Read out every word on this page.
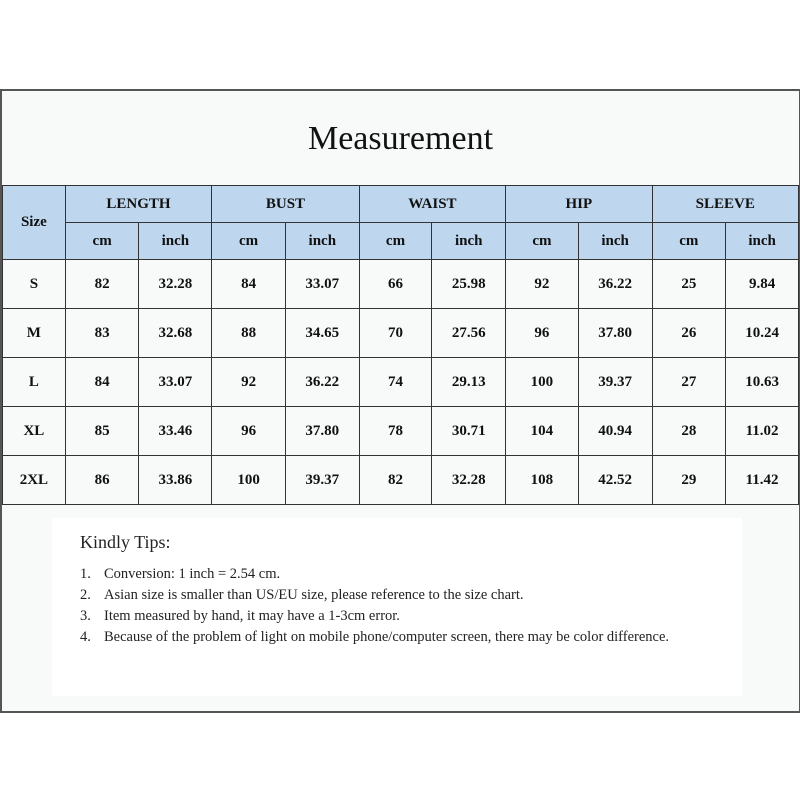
Measurement
Size	LENGTH		BUST		WAIST		HIP		SLEEVE	
	cm	inch	cm	inch	cm	inch	cm	inch	cm	inch
S	82	32.28	84	33.07	66	25.98	92	36.22	25	9.84
M	83	32.68	88	34.65	70	27.56	96	37.80	26	10.24
L	84	33.07	92	36.22	74	29.13	100	39.37	27	10.63
XL	85	33.46	96	37.80	78	30.71	104	40.94	28	11.02
2XL	86	33.86	100	39.37	82	32.28	108	42.52	29	11.42
Kindly Tips:
1. Conversion: 1 inch = 2.54 cm.
2. Asian size is smaller than US/EU size, please reference to the size chart.
3. Item measured by hand, it may have a 1-3cm error.
4. Because of the problem of light on mobile phone/computer screen, there may be color difference.
